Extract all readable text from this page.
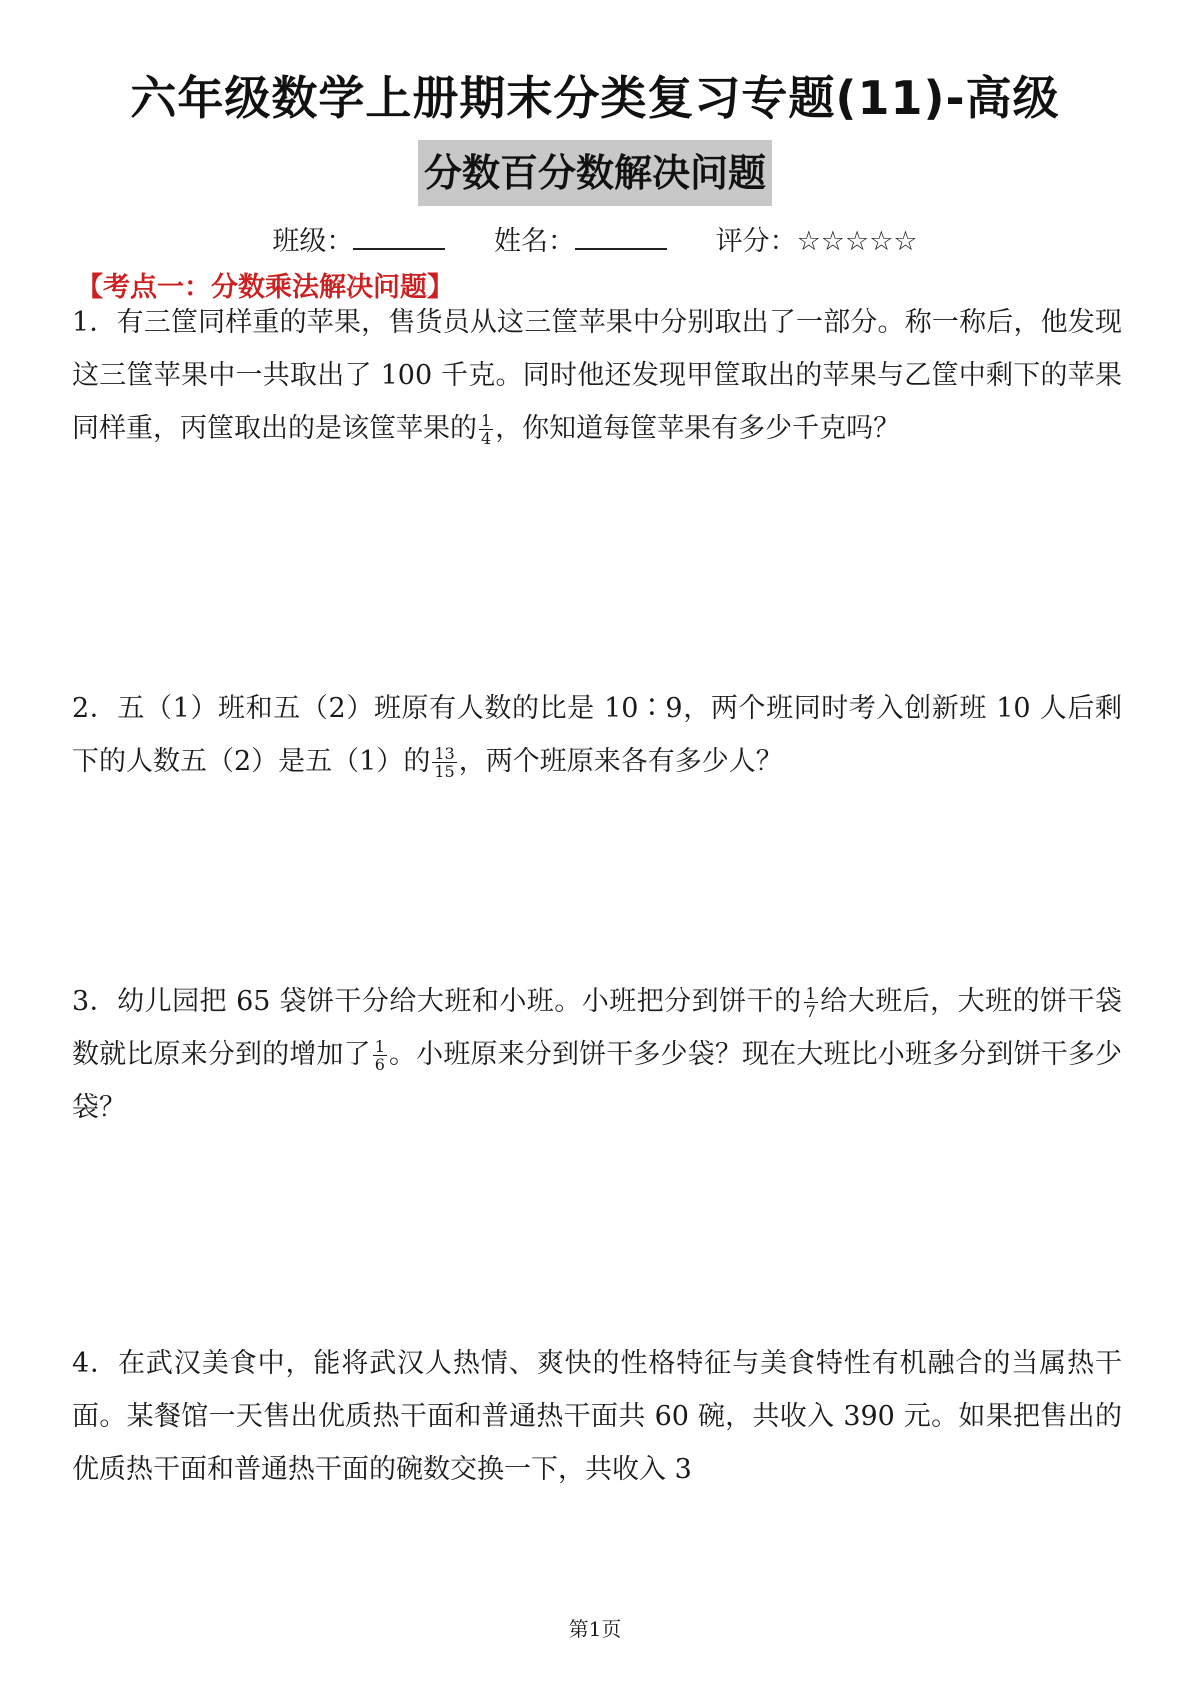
六年级数学上册期末分类复习专题(11)-高级
分数百分数解决问题
班级：	姓名：	评分：☆☆☆☆☆
【考点一：分数乘法解决问题】
1．有三筐同样重的苹果，售货员从这三筐苹果中分别取出了一部分。称一称后，他发现这三筐苹果中一共取出了 100 千克。同时他还发现甲筐取出的苹果与乙筐中剩下的苹果同样重，丙筐取出的是该筐苹果的 $\frac{1}{4}$ ，你知道每筐苹果有多少千克吗？
2．五（1）班和五（2）班原有人数的比是 10∶9，两个班同时考入创新班 10 人后剩下的人数五（2）是五（1）的 $\frac{13}{15}$ ，两个班原来各有多少人？
3．幼儿园把 65 袋饼干分给大班和小班。小班把分到饼干的 $\frac{1}{7}$ 给大班后，大班的饼干袋数就比原来分到的增加了 $\frac{1}{6}$ 。小班原来分到饼干多少袋？现在大班比小班多分到饼干多少袋？
4．在武汉美食中，能将武汉人热情、爽快的性格特征与美食特性有机融合的当属热干面。某餐馆一天售出优质热干面和普通热干面共 60 碗，共收入 390 元。如果把售出的优质热干面和普通热干面的碗数交换一下，共收入 3
第1页
